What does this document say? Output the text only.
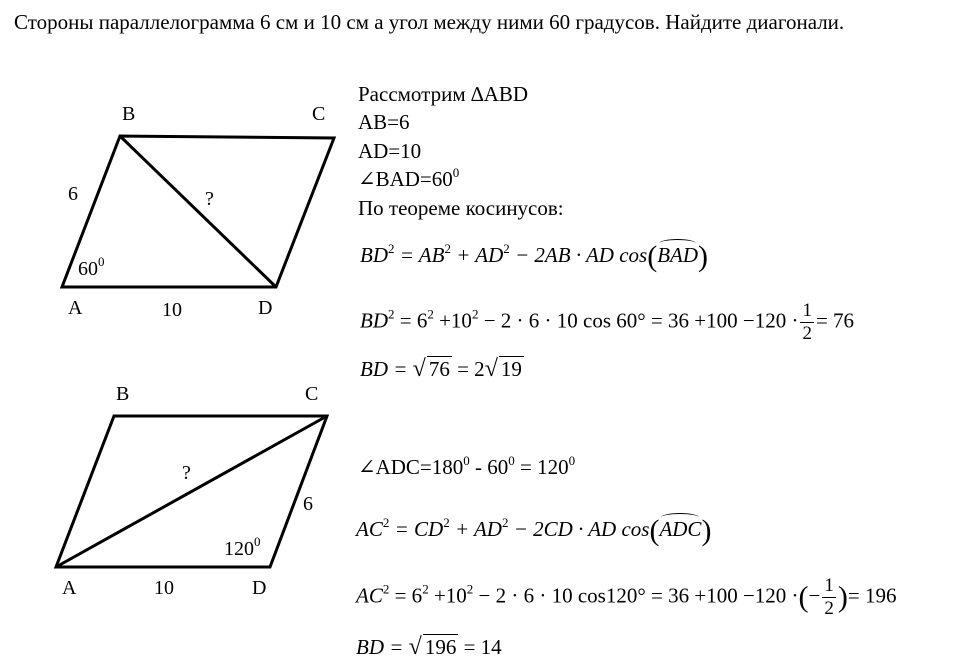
Стороны параллелограмма 6 см и 10 см а угол между ними 60 градусов. Найдите диагонали.
B	C
A	D
6
10
?
$60^0$
B	C
A	D
6
10
?
$120^0$
Рассмотрим ∆ABD
AB=6
AD=10
$\angle BAD=60^0$
По теореме косинусов:
$BD^2 = AB^2 + AD^2 - 2AB$ · AD cos(BAD)
$BD^2 = 6^2 +10^2 - 2 \cdot 6 \cdot 10$ $\cos 60^\circ = 36 +100 -120 \cdot \frac{1}{2} = 76$
BD = √ 76 = 2√ 19
$\angle ADC=180^0 - 60^0 = 120^0$
$AC^2 = CD^2 + AD^2 - 2CD$ · AD cos(ADC)
$AC^2 = 6^2 +10^2 - 2 \cdot 6 \cdot 10$ cos120° = 36 +100 −120 ·(− $\frac{1}{2}$ )= 196
BD = √ 196 = 14
